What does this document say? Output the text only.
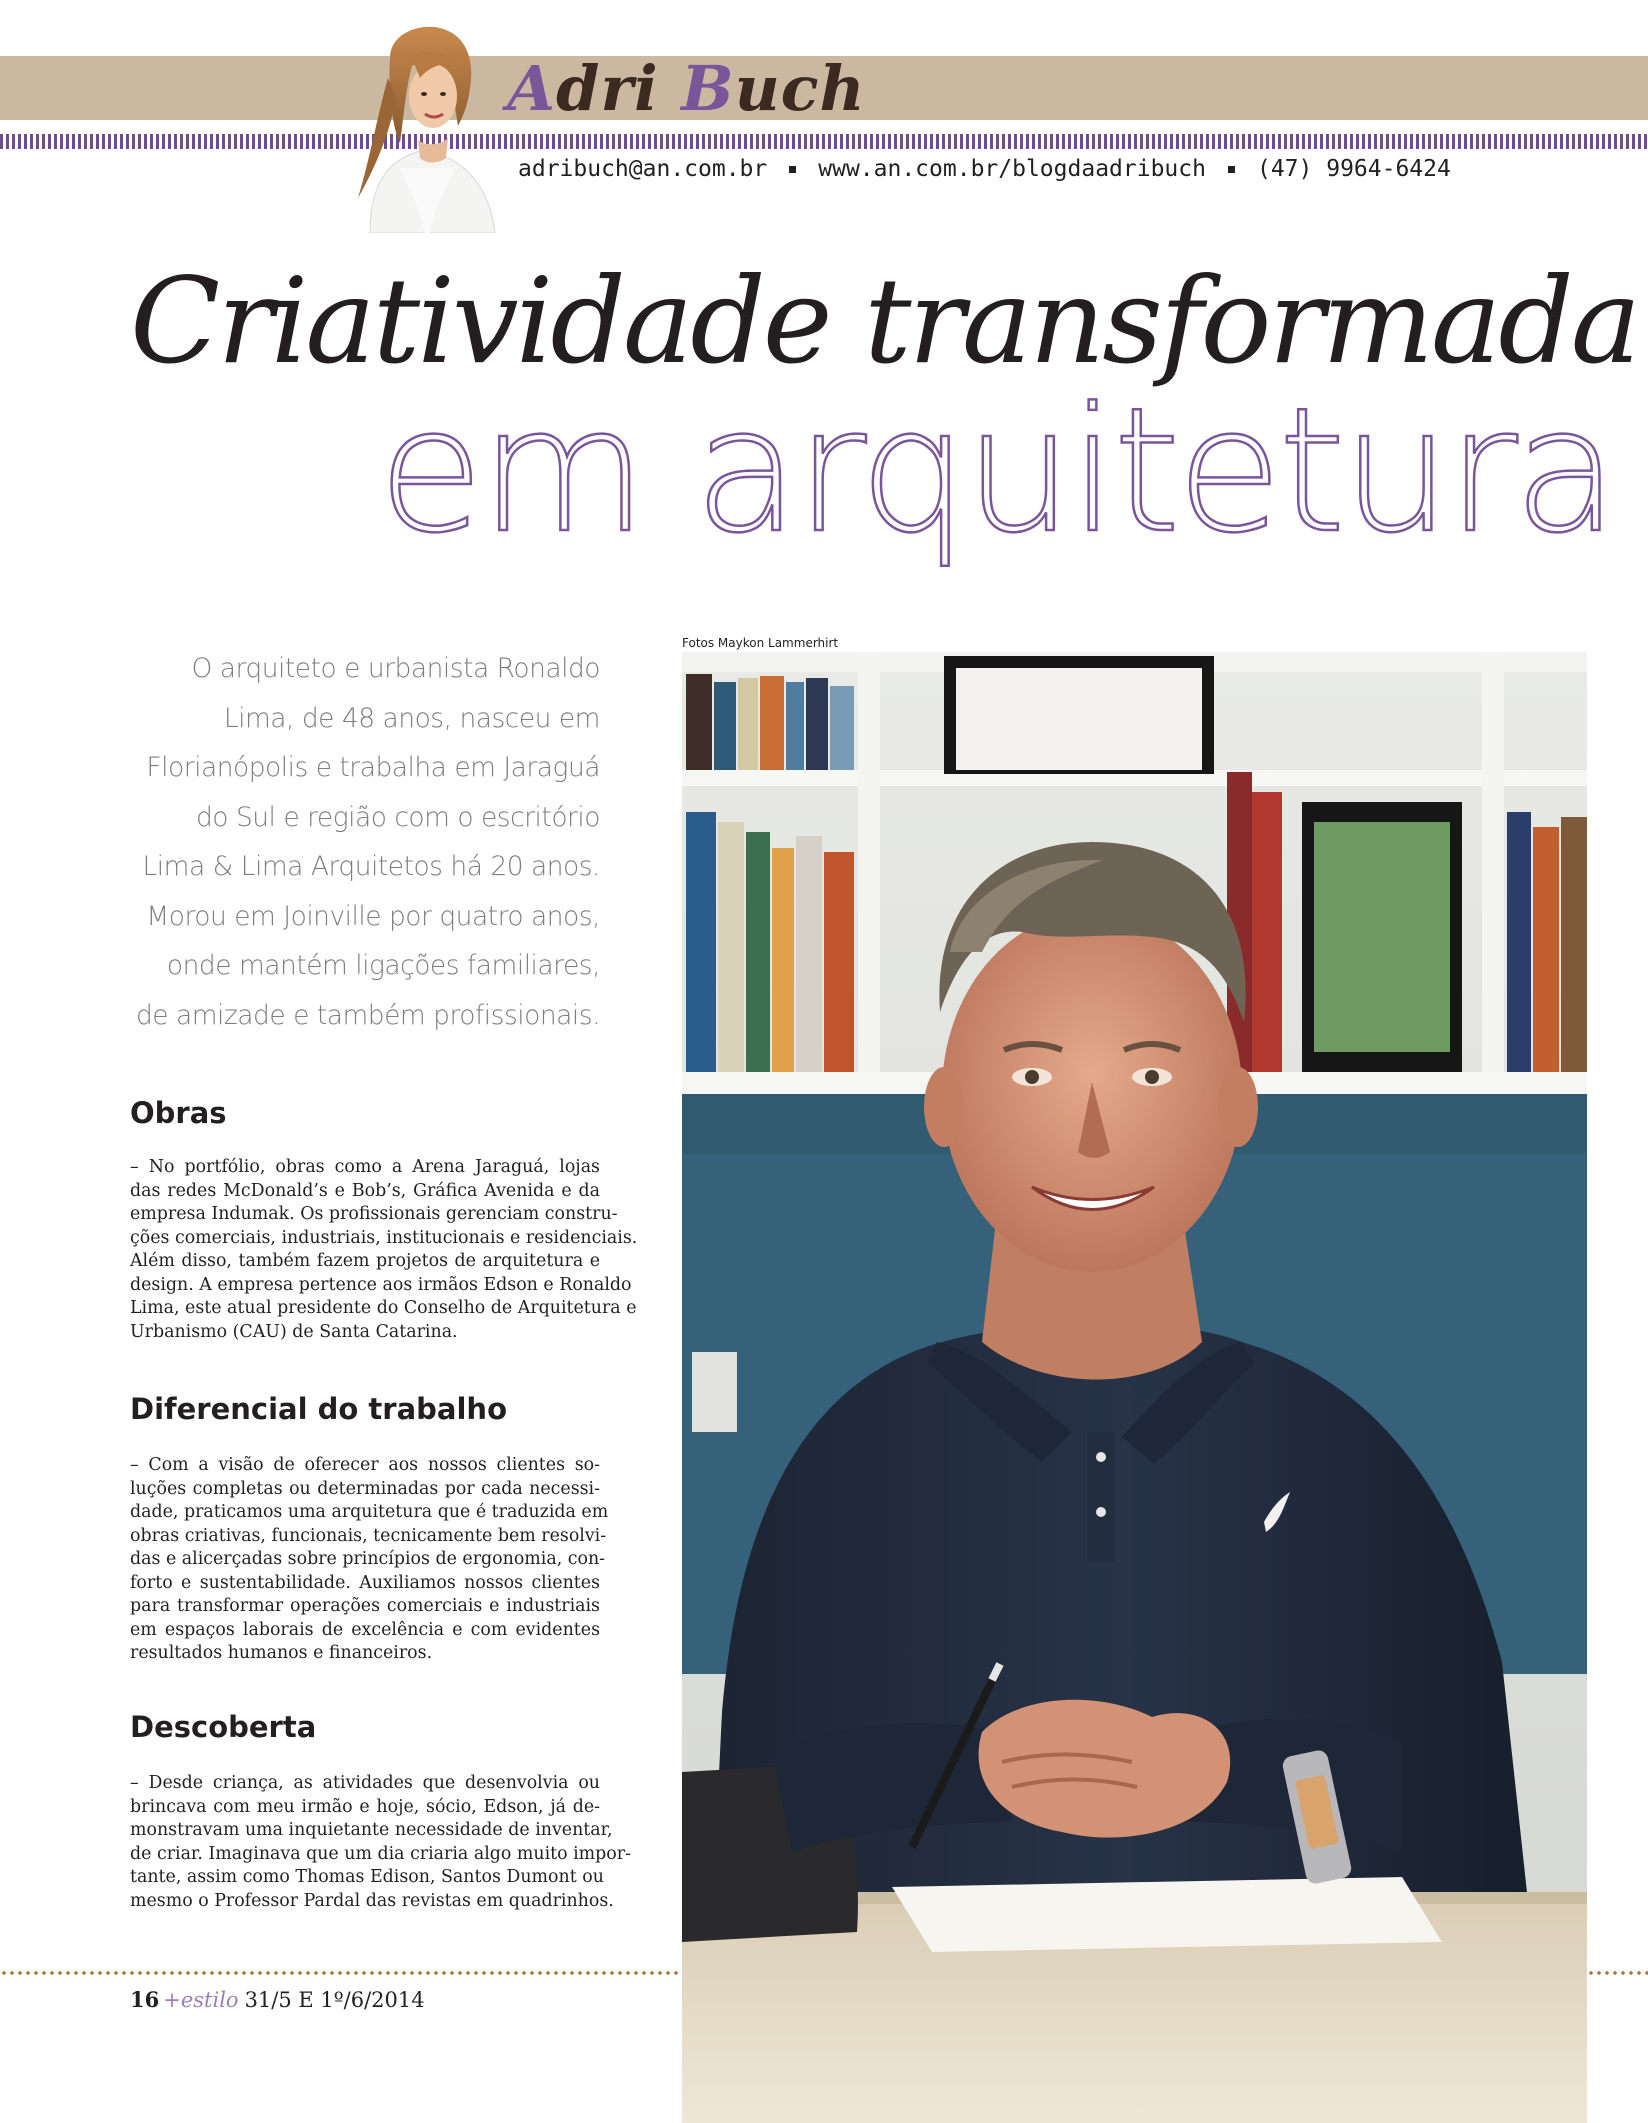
Adri Buch
adribuch@an.com.br www.an.com.br/blogdaadribuch (47) 9964-6424
Criatividade transformada
em arquitetura
O arquiteto e urbanista Ronaldo Lima, de 48 anos, nasceu em Florianópolis e trabalha em Jaraguá do Sul e região com o escritório Lima & Lima Arquitetos há 20 anos. Morou em Joinville por quatro anos, onde mantém ligações familiares, de amizade e também profissionais.
Obras
– No portfólio, obras como a Arena Jaraguá, lojas
das redes McDonald’s e Bob’s, Gráfica Avenida e da
empresa Indumak. Os profissionais gerenciam constru-
ções comerciais, industriais, institucionais e residenciais.
Além disso, também fazem projetos de arquitetura e
design. A empresa pertence aos irmãos Edson e Ronaldo
Lima, este atual presidente do Conselho de Arquitetura e
Urbanismo (CAU) de Santa Catarina.
Diferencial do trabalho
– Com a visão de oferecer aos nossos clientes so-
luções completas ou determinadas por cada necessi-
dade, praticamos uma arquitetura que é traduzida em
obras criativas, funcionais, tecnicamente bem resolvi-
das e alicerçadas sobre princípios de ergonomia, con-
forto e sustentabilidade. Auxiliamos nossos clientes
para transformar operações comerciais e industriais
em espaços laborais de excelência e com evidentes
resultados humanos e financeiros.
Descoberta
– Desde criança, as atividades que desenvolvia ou
brincava com meu irmão e hoje, sócio, Edson, já de-
monstravam uma inquietante necessidade de inventar,
de criar. Imaginava que um dia criaria algo muito impor-
tante, assim como Thomas Edison, Santos Dumont ou
mesmo o Professor Pardal das revistas em quadrinhos.
Fotos Maykon Lammerhirt
16 +estilo 31/5 E 1º/6/2014
